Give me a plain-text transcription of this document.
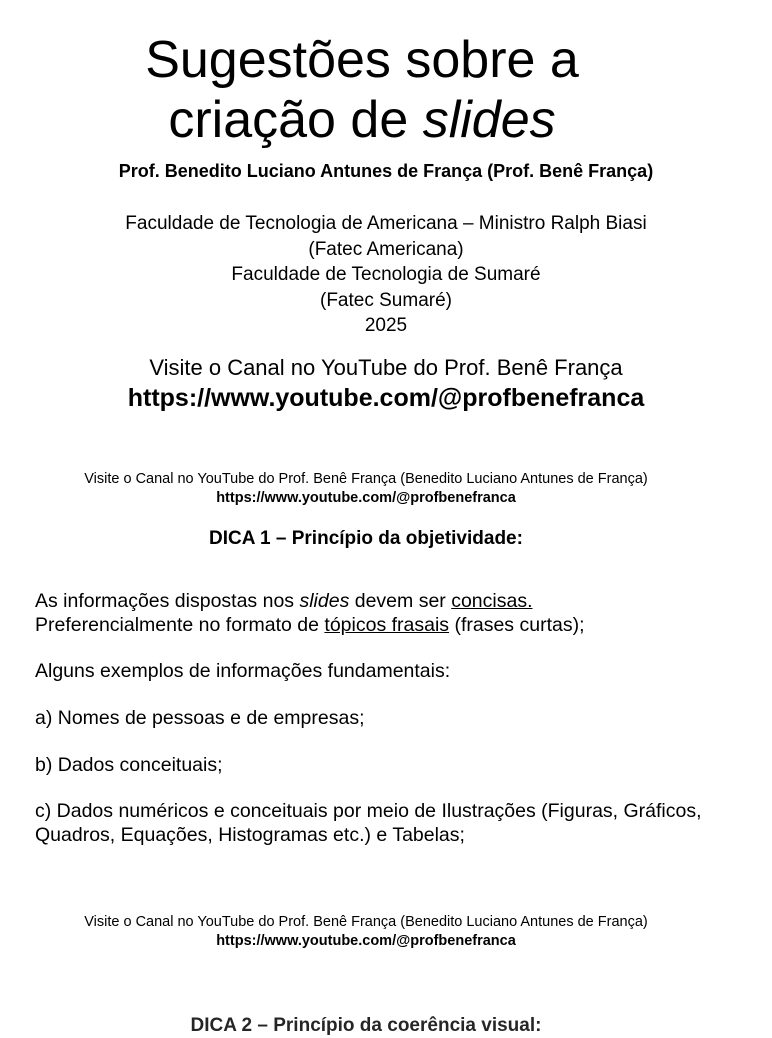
Sugestões sobre a
criação de slides
Prof. Benedito Luciano Antunes de França (Prof. Benê França)
Faculdade de Tecnologia de Americana – Ministro Ralph Biasi
(Fatec Americana)
Faculdade de Tecnologia de Sumaré
(Fatec Sumaré)
2025
Visite o Canal no YouTube do Prof. Benê França
https://www.youtube.com/@profbenefranca
Visite o Canal no YouTube do Prof. Benê França (Benedito Luciano Antunes de França)
https://www.youtube.com/@profbenefranca
DICA 1 – Princípio da objetividade:
As informações dispostas nos slides devem ser concisas.
Preferencialmente no formato de tópicos frasais (frases curtas);
Alguns exemplos de informações fundamentais:
a) Nomes de pessoas e de empresas;
b) Dados conceituais;
c) Dados numéricos e conceituais por meio de Ilustrações (Figuras, Gráficos, Quadros, Equações, Histogramas etc.) e Tabelas;
Visite o Canal no YouTube do Prof. Benê França (Benedito Luciano Antunes de França)
https://www.youtube.com/@profbenefranca
DICA 2 – Princípio da coerência visual:
